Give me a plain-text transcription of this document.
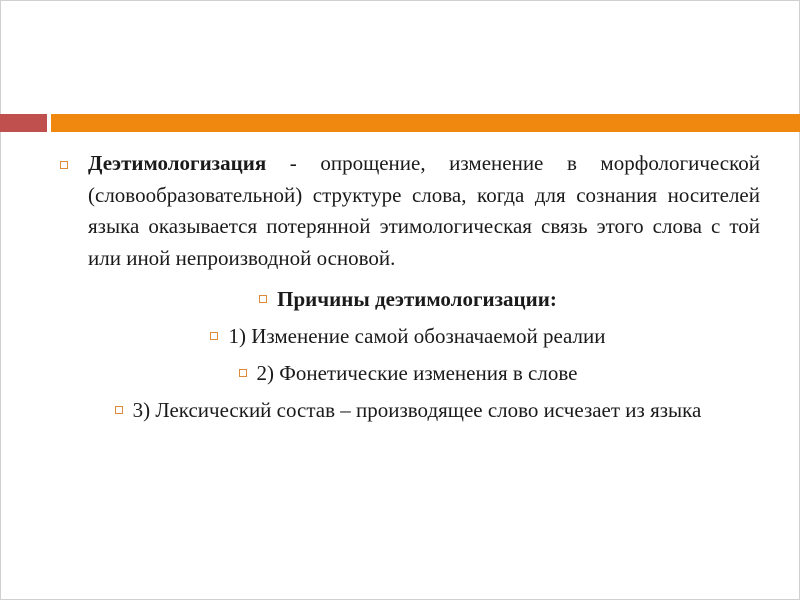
Деэтимологизация - опрощение, изменение в морфологической (словообразовательной) структуре слова, когда для сознания носителей языка оказывается потерянной этимологическая связь этого слова с той или иной непроизводной основой.
Причины деэтимологизации:
1) Изменение самой обозначаемой реалии
2) Фонетические изменения в слове
3) Лексический состав – производящее слово исчезает из языка
